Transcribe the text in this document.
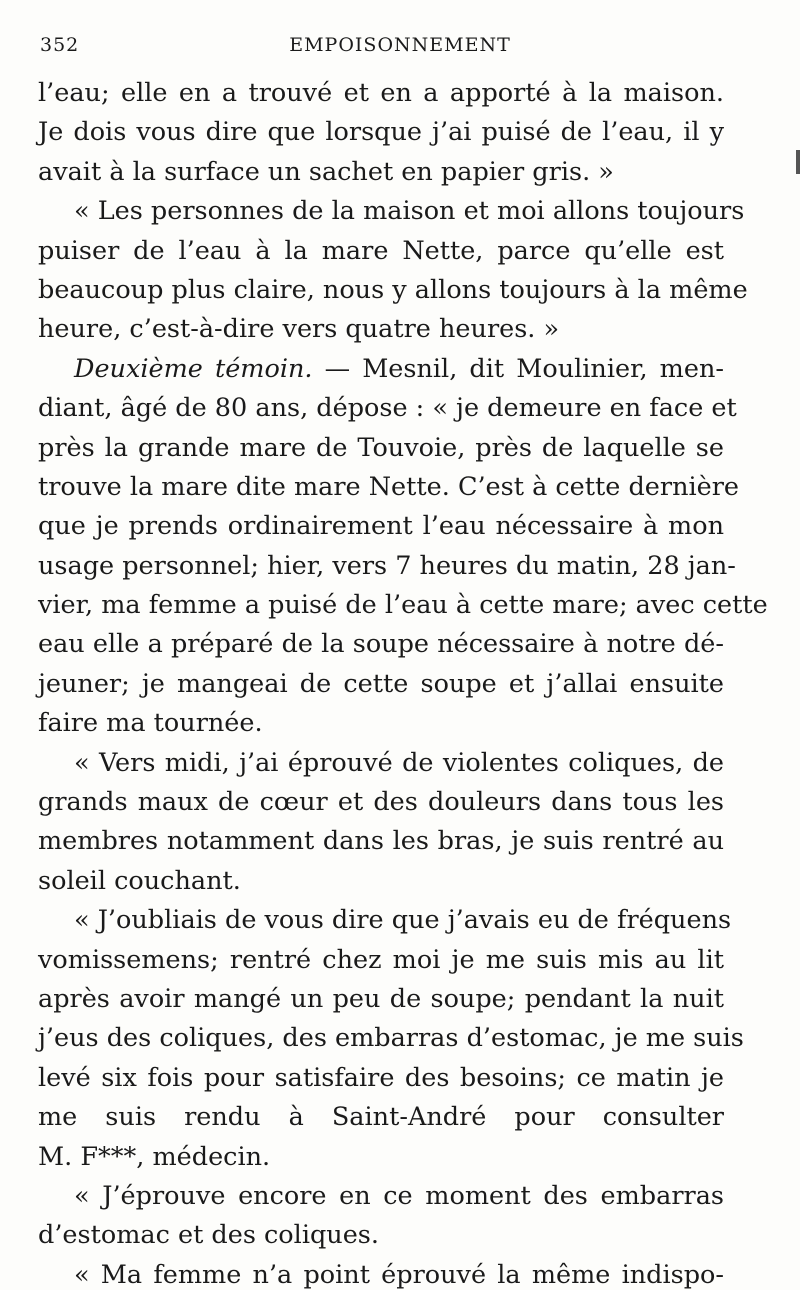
352	EMPOISONNEMENT
l’eau; elle en a trouvé et en a apporté à la maison.
Je dois vous dire que lorsque j’ai puisé de l’eau, il y
avait à la surface un sachet en papier gris. »
« Les personnes de la maison et moi allons toujours
puiser de l’eau à la mare Nette, parce qu’elle est
beaucoup plus claire, nous y allons toujours à la même
heure, c’est-à-dire vers quatre heures. »
Deuxième témoin. — Mesnil, dit Moulinier, men-
diant, âgé de 80 ans, dépose : « je demeure en face et
près la grande mare de Touvoie, près de laquelle se
trouve la mare dite mare Nette. C’est à cette dernière
que je prends ordinairement l’eau nécessaire à mon
usage personnel; hier, vers 7 heures du matin, 28 jan-
vier, ma femme a puisé de l’eau à cette mare; avec cette
eau elle a préparé de la soupe nécessaire à notre dé-
jeuner; je mangeai de cette soupe et j’allai ensuite
faire ma tournée.
« Vers midi, j’ai éprouvé de violentes coliques, de
grands maux de cœur et des douleurs dans tous les
membres notamment dans les bras, je suis rentré au
soleil couchant.
« J’oubliais de vous dire que j’avais eu de fréquens
vomissemens; rentré chez moi je me suis mis au lit
après avoir mangé un peu de soupe; pendant la nuit
j’eus des coliques, des embarras d’estomac, je me suis
levé six fois pour satisfaire des besoins; ce matin je
me suis rendu à Saint-André pour consulter
M. F***, médecin.
« J’éprouve encore en ce moment des embarras
d’estomac et des coliques.
« Ma femme n’a point éprouvé la même indispo-
